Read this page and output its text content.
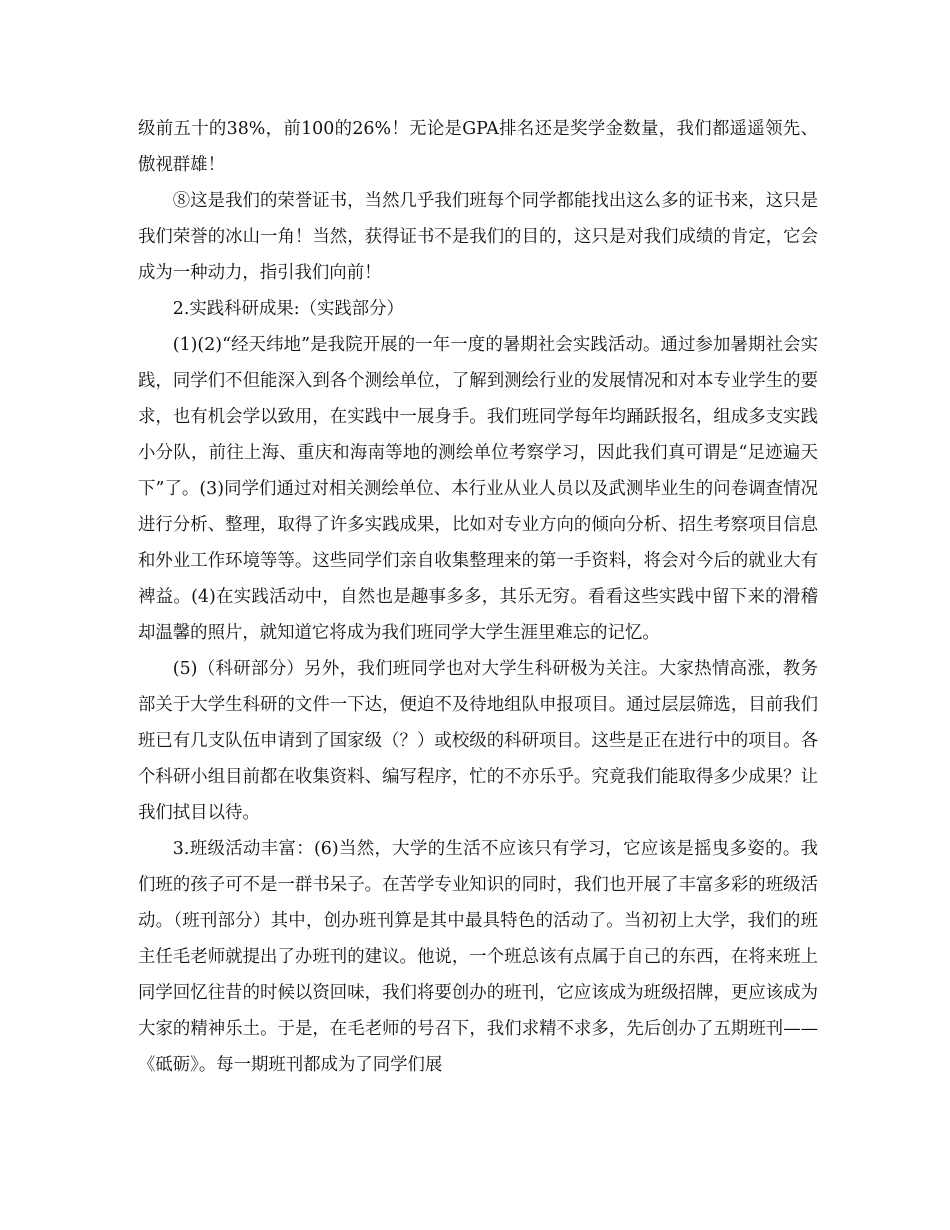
级前五十的38%，前100的26%！无论是GPA排名还是奖学金数量，我们都遥遥领先、傲视群雄！

⑧这是我们的荣誉证书，当然几乎我们班每个同学都能找出这么多的证书来，这只是我们荣誉的冰山一角！当然，获得证书不是我们的目的，这只是对我们成绩的肯定，它会成为一种动力，指引我们向前！

2.实践科研成果:（实践部分）

(1)(2)“经天纬地”是我院开展的一年一度的暑期社会实践活动。通过参加暑期社会实践，同学们不但能深入到各个测绘单位，了解到测绘行业的发展情况和对本专业学生的要求，也有机会学以致用，在实践中一展身手。我们班同学每年均踊跃报名，组成多支实践小分队，前往上海、重庆和海南等地的测绘单位考察学习，因此我们真可谓是“足迹遍天下”了。(3)同学们通过对相关测绘单位、本行业从业人员以及武测毕业生的问卷调查情况进行分析、整理，取得了许多实践成果，比如对专业方向的倾向分析、招生考察项目信息和外业工作环境等等。这些同学们亲自收集整理来的第一手资料，将会对今后的就业大有裨益。(4)在实践活动中，自然也是趣事多多，其乐无穷。看看这些实践中留下来的滑稽却温馨的照片，就知道它将成为我们班同学大学生涯里难忘的记忆。

(5)（科研部分）另外，我们班同学也对大学生科研极为关注。大家热情高涨，教务部关于大学生科研的文件一下达，便迫不及待地组队申报项目。通过层层筛选，目前我们班已有几支队伍申请到了国家级（？）或校级的科研项目。这些是正在进行中的项目。各个科研小组目前都在收集资料、编写程序，忙的不亦乐乎。究竟我们能取得多少成果？让我们拭目以待。

3.班级活动丰富：(6)当然，大学的生活不应该只有学习，它应该是摇曳多姿的。我们班的孩子可不是一群书呆子。在苦学专业知识的同时，我们也开展了丰富多彩的班级活动。（班刊部分）其中，创办班刊算是其中最具特色的活动了。当初初上大学，我们的班主任毛老师就提出了办班刊的建议。他说，一个班总该有点属于自己的东西，在将来班上同学回忆往昔的时候以资回味，我们将要创办的班刊，它应该成为班级招牌，更应该成为大家的精神乐土。于是，在毛老师的号召下，我们求精不求多，先后创办了五期班刊——《砥砺》。每一期班刊都成为了同学们展
